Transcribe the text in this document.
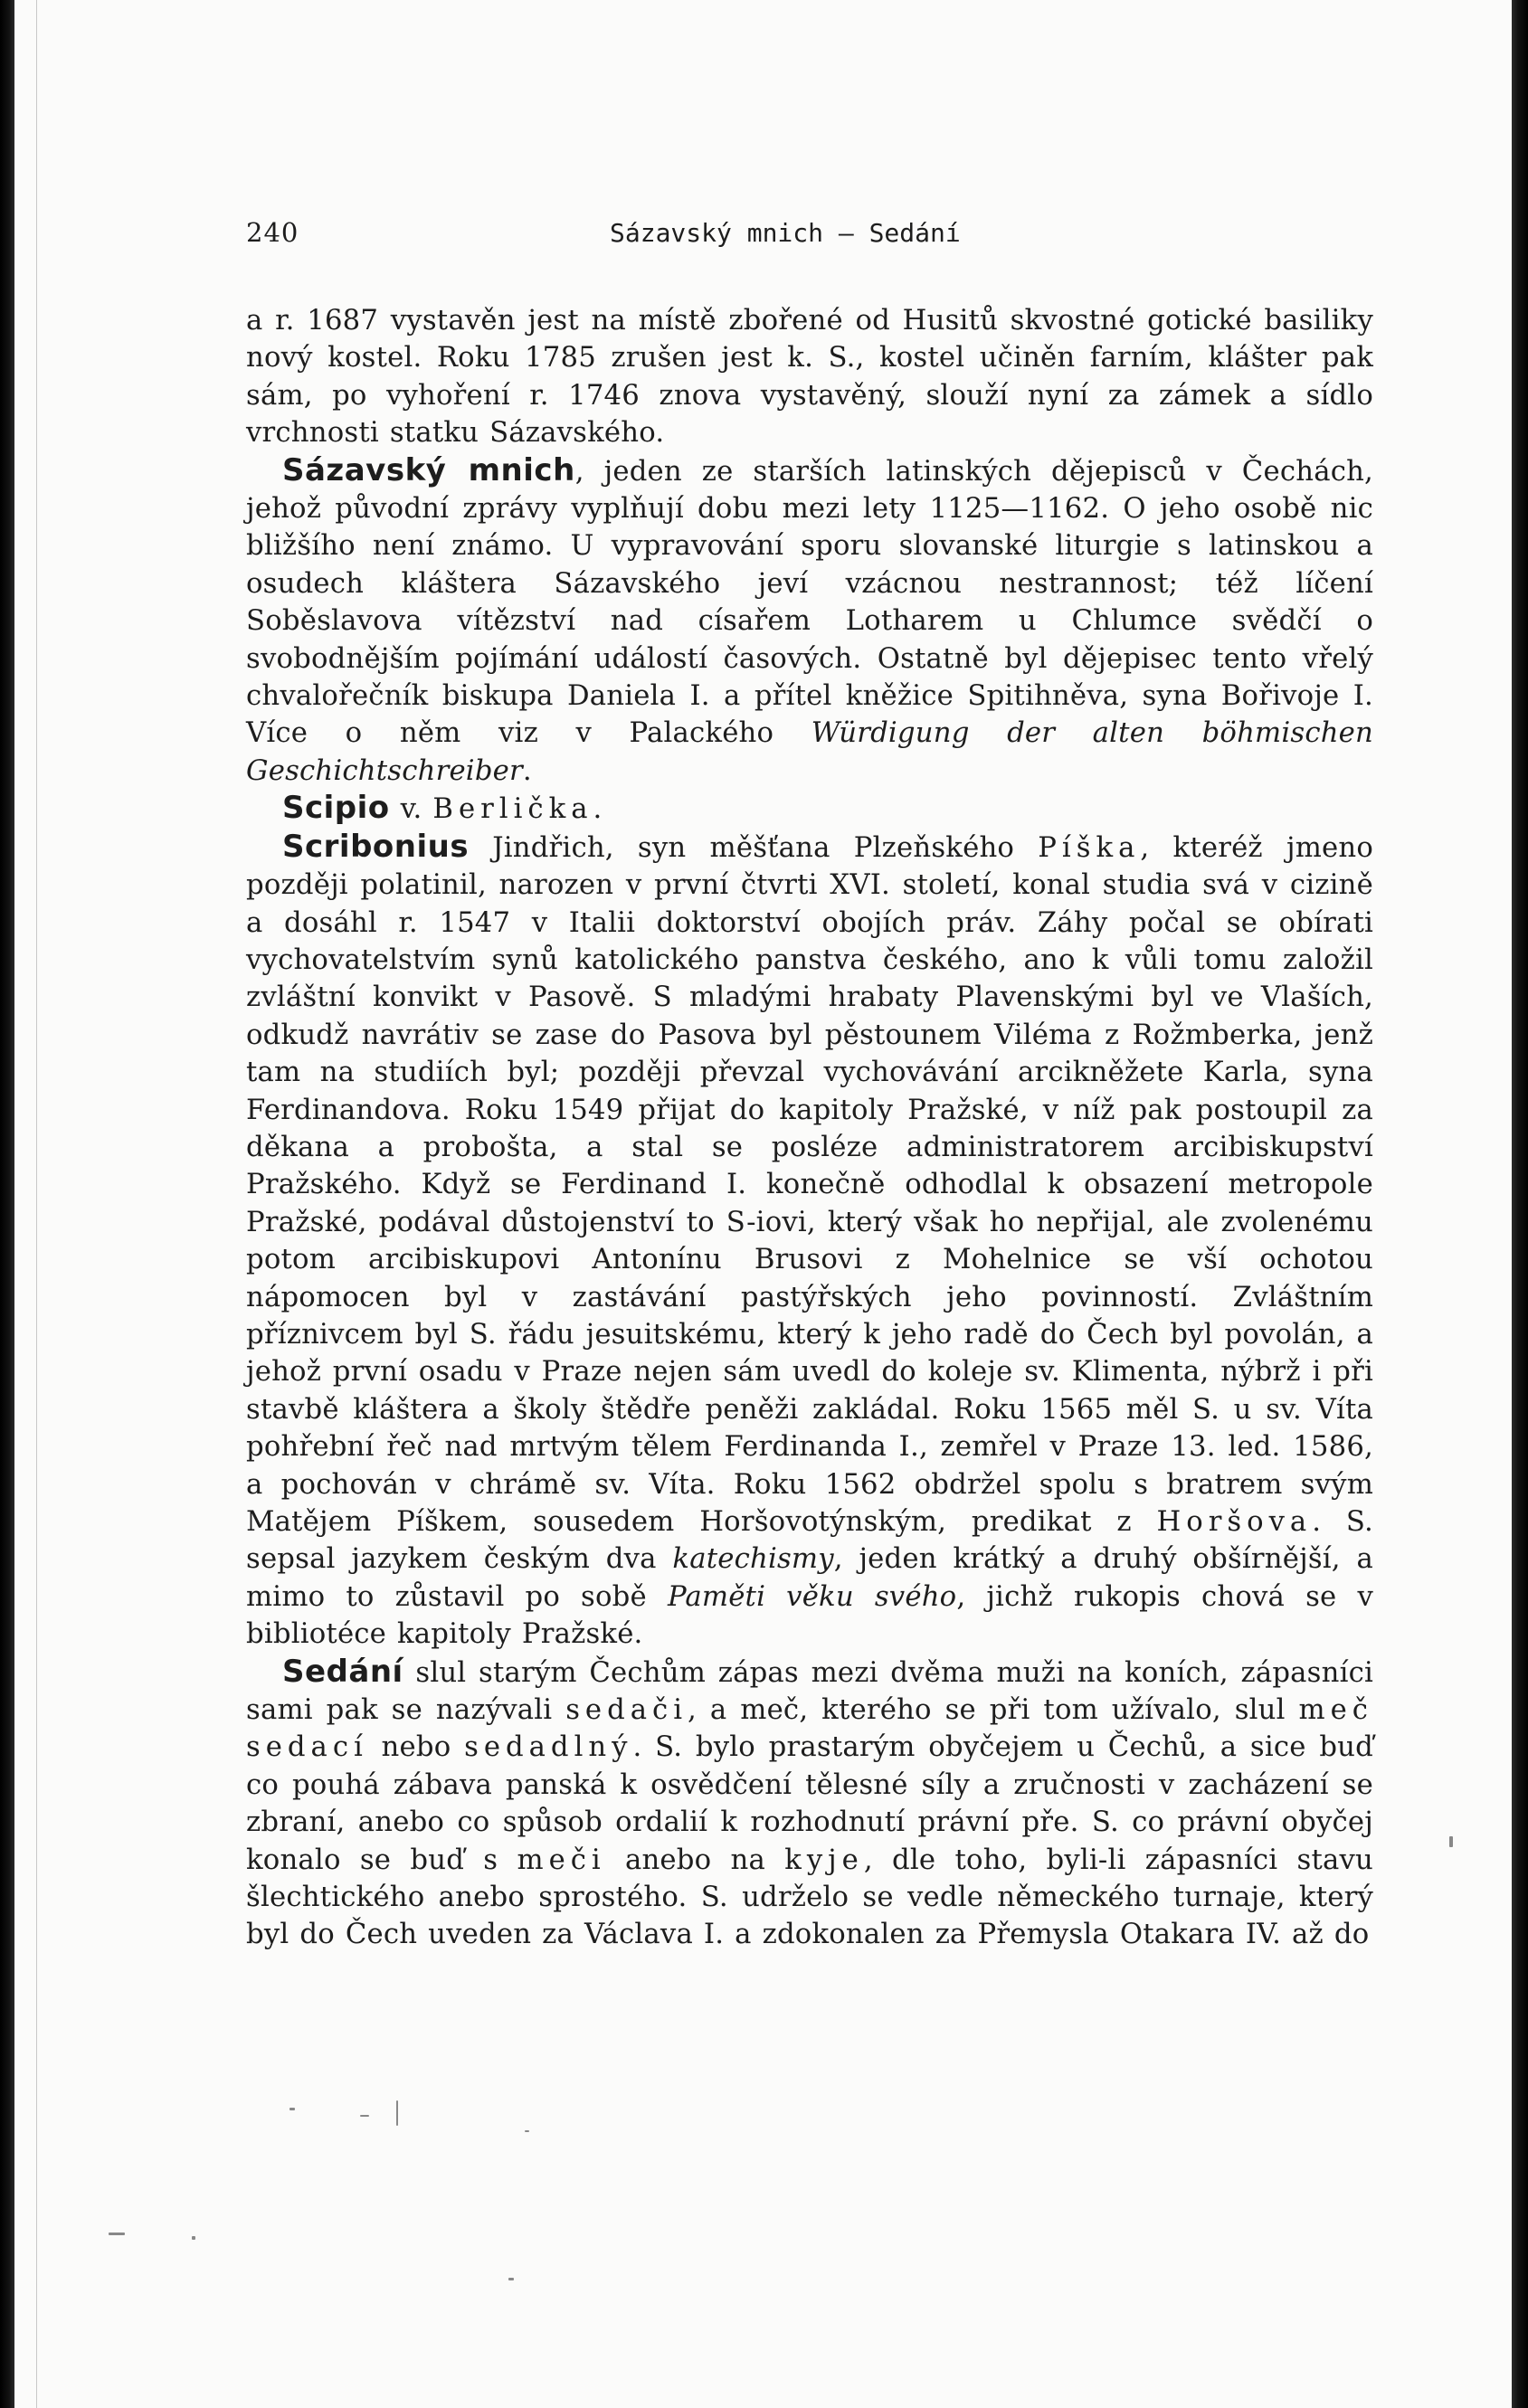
240	Sázavský mnich — Sedání

a r. 1687 vystavěn jest na místě zbořené od Husitů skvostné gotické basiliky nový kostel. Roku 1785 zrušen jest k. S., kostel učiněn farním, klášter pak sám, po vyhoření r. 1746 znova vystavěný, slouží nyní za zámek a sídlo vrchnosti statku Sázavského.

Sázavský mnich, jeden ze starších latinských dějepisců v Čechách, jehož původní zprávy vyplňují dobu mezi lety 1125—1162. O jeho osobě nic bližšího není známo. U vypravování sporu slovanské liturgie s latinskou a osudech kláštera Sázavského jeví vzácnou nestrannost; též líčení Soběslavova vítězství nad císařem Lotharem u Chlumce svědčí o svobodnějším pojímání událostí časových. Ostatně byl dějepisec tento vřelý chvalořečník biskupa Daniela I. a přítel kněžice Spitihněva, syna Bořivoje I. Více o něm viz v Palackého Würdigung der alten böhmischen Geschichtschreiber.

Scipio v. Berlička.

Scribonius Jindřich, syn měšťana Plzeňského Píška, kteréž jmeno později polatinil, narozen v první čtvrti XVI. století, konal studia svá v cizině a dosáhl r. 1547 v Italii doktorství obojích práv. Záhy počal se obírati vychovatelstvím synů katolického panstva českého, ano k vůli tomu založil zvláštní konvikt v Pasově. S mladými hrabaty Plavenskými byl ve Vlaších, odkudž navrátiv se zase do Pasova byl pěstounem Viléma z Rožmberka, jenž tam na studiích byl; později převzal vychovávání arcikněžete Karla, syna Ferdinandova. Roku 1549 přijat do kapitoly Pražské, v níž pak postoupil za děkana a probošta, a stal se posléze administratorem arcibiskupství Pražského. Když se Ferdinand I. konečně odhodlal k obsazení metropole Pražské, podával důstojenství to S-iovi, který však ho nepřijal, ale zvolenému potom arcibiskupovi Antonínu Brusovi z Mohelnice se vší ochotou nápomocen byl v zastávání pastýřských jeho povinností. Zvláštním příznivcem byl S. řádu jesuitskému, který k jeho radě do Čech byl povolán, a jehož první osadu v Praze nejen sám uvedl do koleje sv. Klimenta, nýbrž i při stavbě kláštera a školy štědře peněži zakládal. Roku 1565 měl S. u sv. Víta pohřební řeč nad mrtvým tělem Ferdinanda I., zemřel v Praze 13. led. 1586, a pochován v chrámě sv. Víta. Roku 1562 obdržel spolu s bratrem svým Matějem Píškem, sousedem Horšovotýnským, predikat z Horšova. S. sepsal jazykem českým dva katechismy, jeden krátký a druhý obšírnější, a mimo to zůstavil po sobě Paměti věku svého, jichž rukopis chová se v bibliotéce kapitoly Pražské.

Sedání slul starým Čechům zápas mezi dvěma muži na koních, zápasníci sami pak se nazývali sedači, a meč, kterého se při tom užívalo, slul meč sedací nebo sedadlný. S. bylo prastarým obyčejem u Čechů, a sice buď co pouhá zábava panská k osvědčení tělesné síly a zručnosti v zacházení se zbraní, anebo co spůsob ordalií k rozhodnutí právní pře. S. co právní obyčej konalo se buď s meči anebo na kyje, dle toho, byli-li zápasníci stavu šlechtického anebo sprostého. S. udrželo se vedle německého turnaje, který byl do Čech uveden za Václava I. a zdokonalen za Přemysla Otakara IV. až do
